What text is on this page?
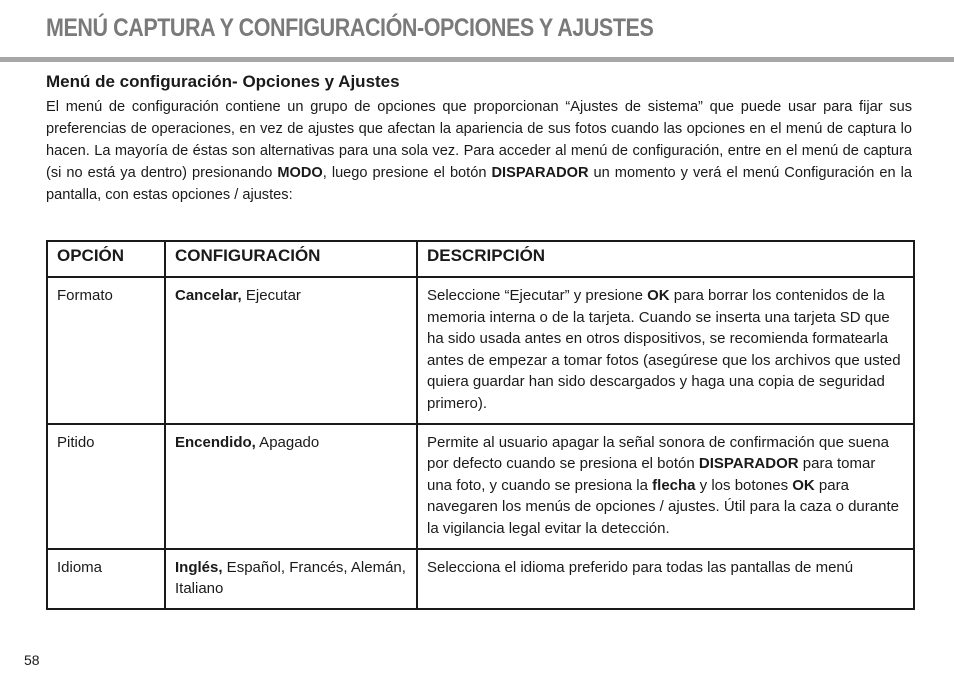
MENÚ CAPTURA Y CONFIGURACIÓN-OPCIONES Y AJUSTES
Menú de configuración- Opciones y Ajustes

El menú de configuración contiene un grupo de opciones que proporcionan “Ajustes de sistema” que puede usar para fijar sus preferencias de operaciones, en vez de ajustes que afectan la apariencia de sus fotos cuando las opciones en el menú de captura lo hacen. La mayoría de éstas son alternativas para una sola vez. Para acceder al menú de configuración, entre en el menú de captura (si no está ya dentro) presionando MODO, luego presione el botón DISPARADOR un momento y verá el menú Configuración en la pantalla, con estas opciones / ajustes:

OPCIÓN	CONFIGURACIÓN	DESCRIPCIÓN
Formato	Cancelar, Ejecutar	Seleccione “Ejecutar” y presione OK para borrar los contenidos de la memoria interna o de la tarjeta. Cuando se inserta una tarjeta SD que ha sido usada antes en otros dispositivos, se recomienda formatearla antes de empezar a tomar fotos (asegúrese que los archivos que usted quiera guardar han sido descargados y haga una copia de seguridad primero).
Pitido	Encendido, Apagado	Permite al usuario apagar la señal sonora de confirmación que suena por defecto cuando se presiona el botón DISPARADOR para tomar una foto, y cuando se presiona la flecha y los botones OK para navegaren los menús de opciones / ajustes. Útil para la caza o durante la vigilancia legal evitar la detección.
Idioma	Inglés, Español, Francés, Alemán, Italiano	Selecciona el idioma preferido para todas las pantallas de menú
58
